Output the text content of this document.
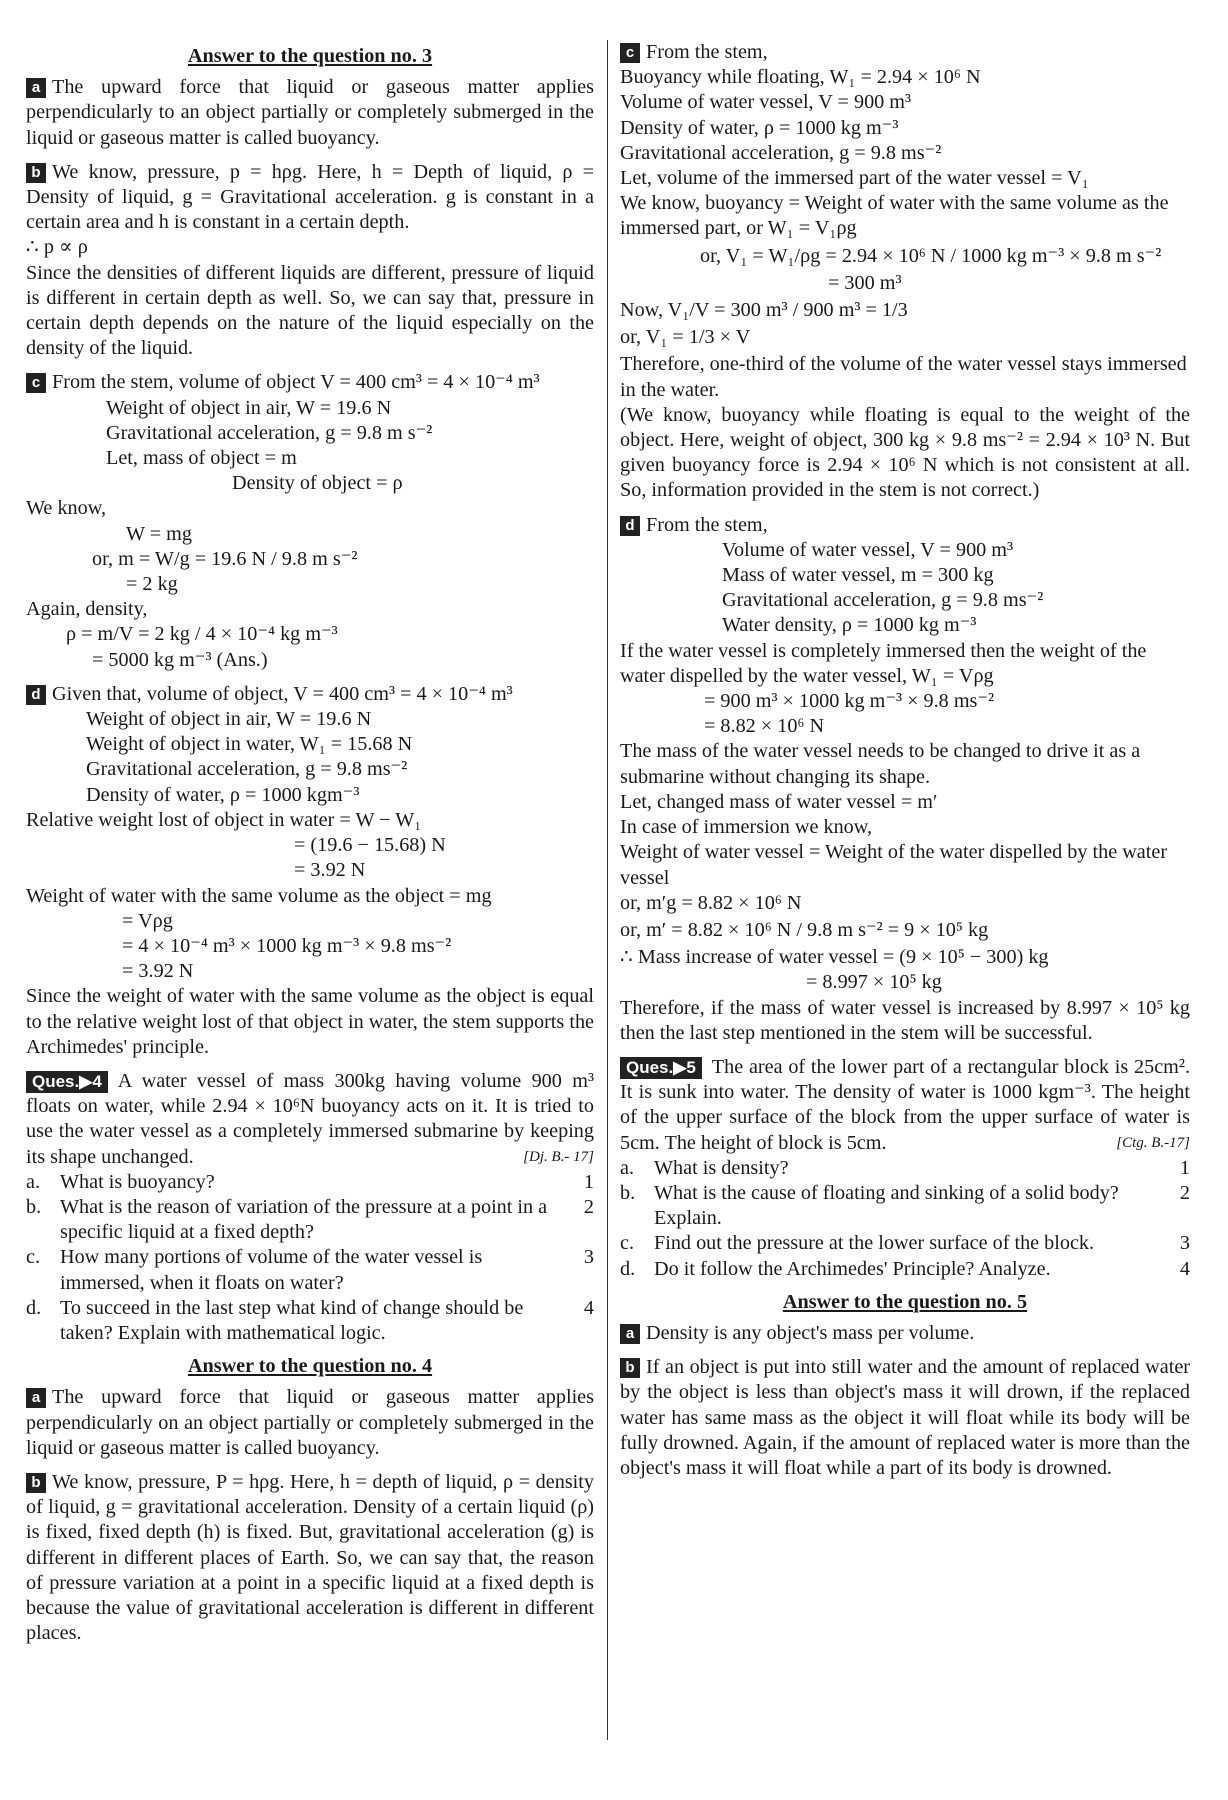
Answer to the question no. 3

a The upward force that liquid or gaseous matter applies perpendicularly to an object partially or completely submerged in the liquid or gaseous matter is called buoyancy.

b We know, pressure, p = hρg. Here, h = Depth of liquid, ρ = Density of liquid, g = Gravitational acceleration. g is constant in a certain area and h is constant in a certain depth.

∴ p ∝ ρ

Since the densities of different liquids are different, pressure of liquid is different in certain depth as well. So, we can say that, pressure in certain depth depends on the nature of the liquid especially on the density of the liquid.

c From the stem, volume of object V = 400 cm³ = 4 × 10⁻⁴ m³
Weight of object in air, W = 19.6 N
Gravitational acceleration, g = 9.8 m s⁻²
Let, mass of object = m
Density of object = ρ
We know,
W = mg
or, m = W/g = 19.6 N / 9.8 m s⁻²
= 2 kg
Again, density,
ρ = m/V = 2 kg / 4 × 10⁻⁴ kg m⁻³
= 5000 kg m⁻³ (Ans.)
d Given that, volume of object, V = 400 cm³ = 4 × 10⁻⁴ m³
Weight of object in air, W = 19.6 N
Weight of object in water, W₁ = 15.68 N
Gravitational acceleration, g = 9.8 ms⁻²
Density of water, ρ = 1000 kgm⁻³
Relative weight lost of object in water = W − W₁
= (19.6 − 15.68) N
= 3.92 N
Weight of water with the same volume as the object = mg
= Vρg
= 4 × 10⁻⁴ m³ × 1000 kg m⁻³ × 9.8 ms⁻²
= 3.92 N

Since the weight of water with the same volume as the object is equal to the relative weight lost of that object in water, the stem supports the Archimedes' principle.

Ques.▶4 A water vessel of mass 300kg having volume 900 m³ floats on water, while 2.94 × 10⁶N buoyancy acts on it. It is tried to use the water vessel as a completely immersed submarine by keeping its shape unchanged.	[Dj. B.- 17]

a. What is buoyancy?	1
b. What is the reason of variation of the pressure at a point in a specific liquid at a fixed depth?
2
c. How many portions of volume of the water vessel is immersed, when it floats on water?
3
d. To succeed in the last step what kind of change should be taken? Explain with mathematical logic.
4
Answer to the question no. 4

a The upward force that liquid or gaseous matter applies perpendicularly on an object partially or completely submerged in the liquid or gaseous matter is called buoyancy.

b We know, pressure, P = hρg. Here, h = depth of liquid, ρ = density of liquid, g = gravitational acceleration. Density of a certain liquid (ρ) is fixed, fixed depth (h) is fixed. But, gravitational acceleration (g) is different in different places of Earth. So, we can say that, the reason of pressure variation at a point in a specific liquid at a fixed depth is because the value of gravitational acceleration is different in different places.

c From the stem,
Buoyancy while floating, W₁ = 2.94 × 10⁶ N
Volume of water vessel, V = 900 m³
Density of water, ρ = 1000 kg m⁻³
Gravitational acceleration, g = 9.8 ms⁻²
Let, volume of the immersed part of the water vessel = V₁
We know, buoyancy = Weight of water with the same volume as the immersed part, or W₁ = V₁ρg
or, V₁ = W₁/ρg = 2.94 × 10⁶ N / 1000 kg m⁻³ × 9.8 m s⁻²
= 300 m³
Now, V₁/V = 300 m³ / 900 m³ = 1/3
or, V₁ = 1/3 × V
Therefore, one-third of the volume of the water vessel stays immersed in the water.

(We know, buoyancy while floating is equal to the weight of the object. Here, weight of object, 300 kg × 9.8 ms⁻² = 2.94 × 10³ N. But given buoyancy force is 2.94 × 10⁶ N which is not consistent at all. So, information provided in the stem is not correct.)

d From the stem,
Volume of water vessel, V = 900 m³
Mass of water vessel, m = 300 kg
Gravitational acceleration, g = 9.8 ms⁻²
Water density, ρ = 1000 kg m⁻³
If the water vessel is completely immersed then the weight of the water dispelled by the water vessel, W₁ = Vρg
= 900 m³ × 1000 kg m⁻³ × 9.8 ms⁻²
= 8.82 × 10⁶ N
The mass of the water vessel needs to be changed to drive it as a submarine without changing its shape.
Let, changed mass of water vessel = m′
In case of immersion we know,
Weight of water vessel = Weight of the water dispelled by the water vessel
or, m′g = 8.82 × 10⁶ N
or, m′ = 8.82 × 10⁶ N / 9.8 m s⁻² = 9 × 10⁵ kg
∴ Mass increase of water vessel = (9 × 10⁵ − 300) kg
= 8.997 × 10⁵ kg

Therefore, if the mass of water vessel is increased by 8.997 × 10⁵ kg then the last step mentioned in the stem will be successful.

Ques.▶5 The area of the lower part of a rectangular block is 25cm². It is sunk into water. The density of water is 1000 kgm⁻³. The height of the upper surface of the block from the upper surface of water is 5cm. The height of block is 5cm.	[Ctg. B.-17]

a. What is density?	1
b. What is the cause of floating and sinking of a solid body? Explain.
2
c. Find out the pressure at the lower surface of the block.	3
d. Do it follow the Archimedes' Principle? Analyze.	4
Answer to the question no. 5

a Density is any object's mass per volume.

b If an object is put into still water and the amount of replaced water by the object is less than object's mass it will drown, if the replaced water has same mass as the object it will float while its body will be fully drowned. Again, if the amount of replaced water is more than the object's mass it will float while a part of its body is drowned.
